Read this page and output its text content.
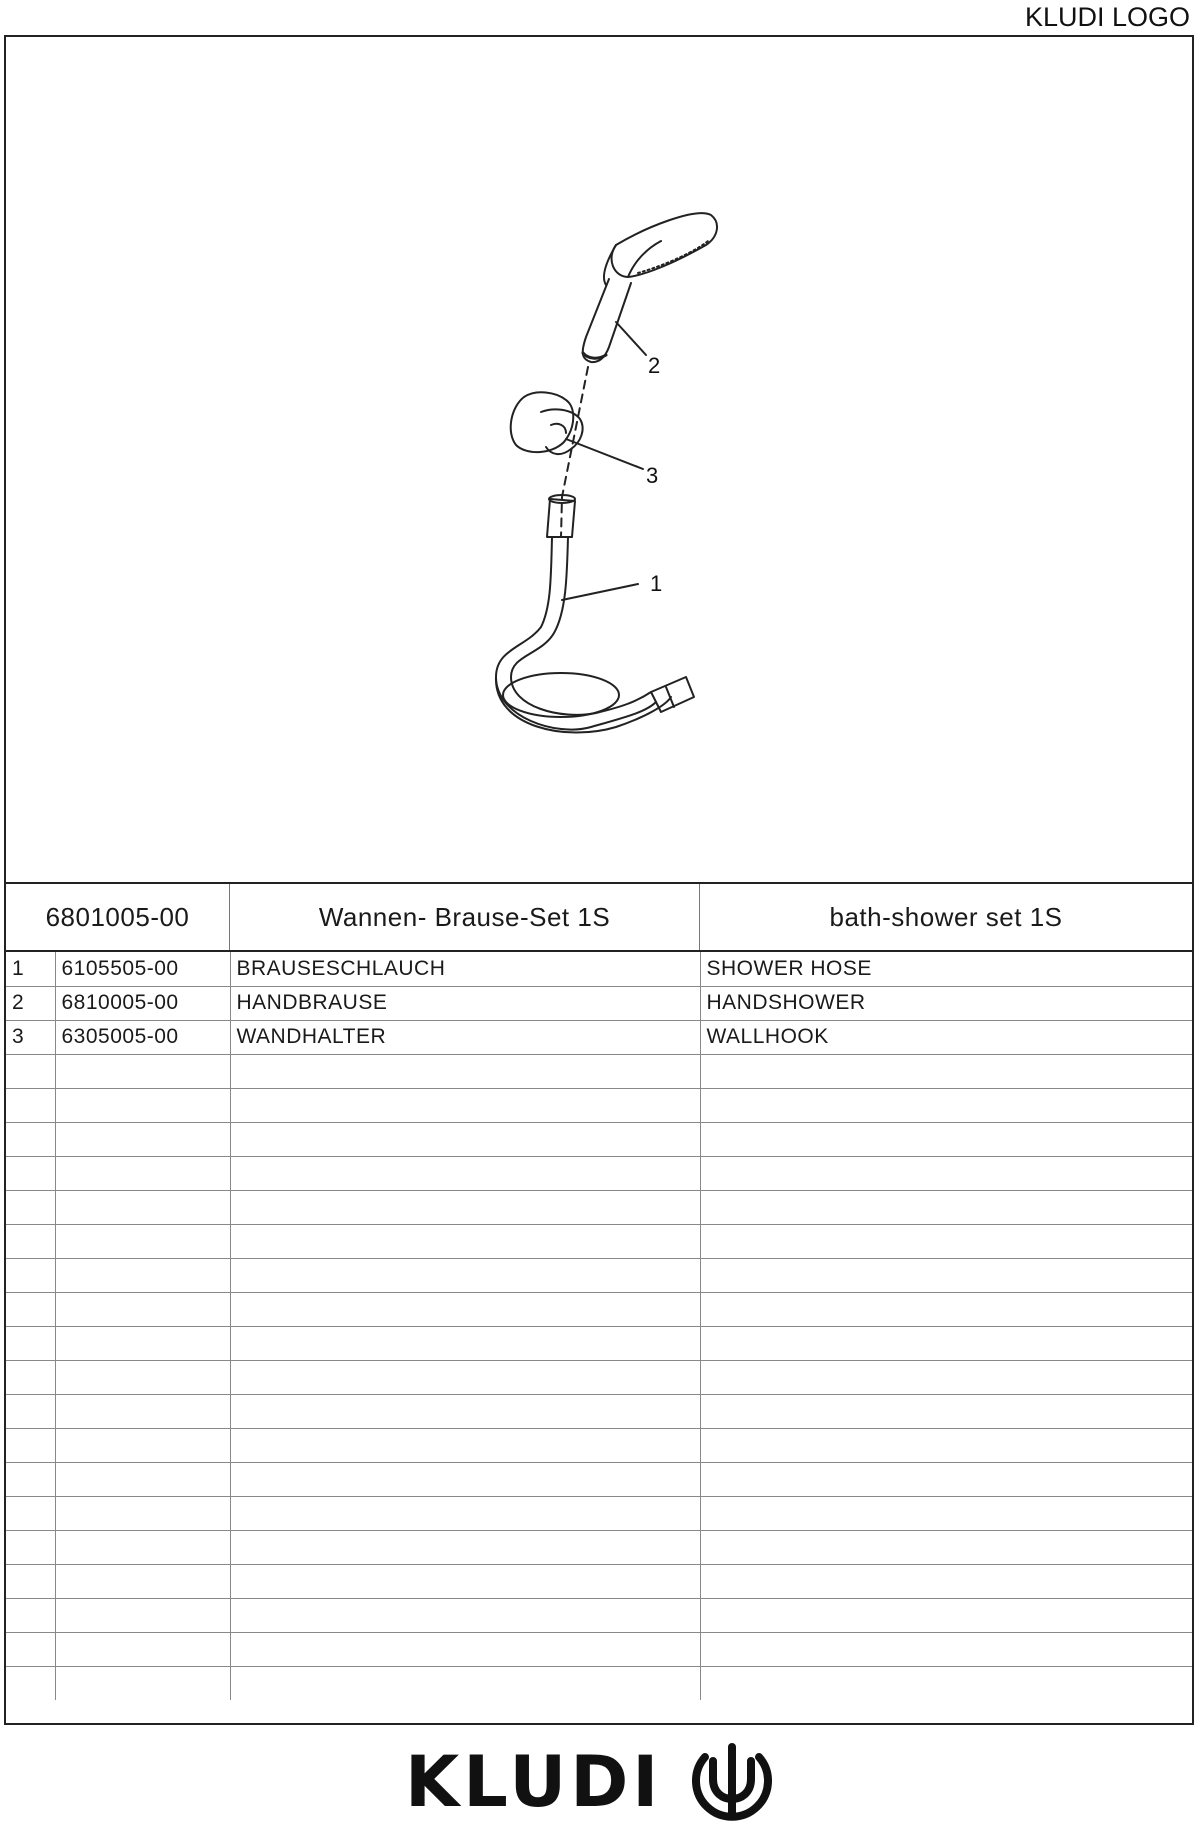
KLUDI LOGO
2
3
1
6801005-00	Wannen- Brause-Set 1S	bath-shower set 1S
1	6105505-00	BRAUSESCHLAUCH	SHOWER HOSE
2	6810005-00	HANDBRAUSE	HANDSHOWER
3	6305005-00	WANDHALTER	WALLHOOK

KLUDI
